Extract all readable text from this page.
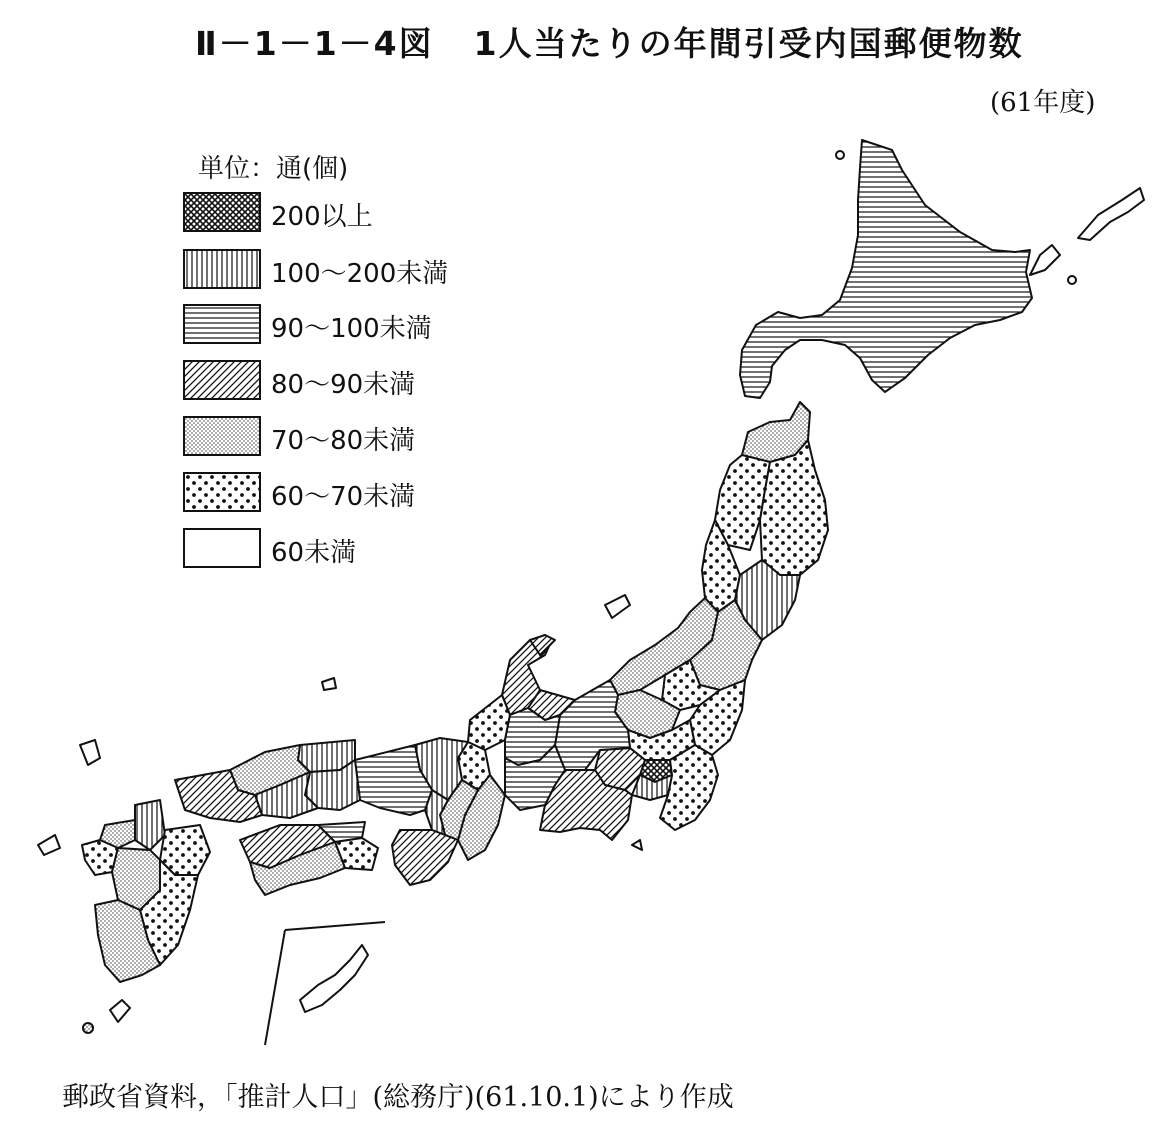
Ⅱ－1－1－4図 1人当たりの年間引受内国郵便物数
(61年度)
単位：通(個)
200以上
100～200未満
90～100未満
80～90未満
70～80未満
60～70未満
60未満
郵政省資料，「推計人口」(総務庁)(61.10.1)により作成
